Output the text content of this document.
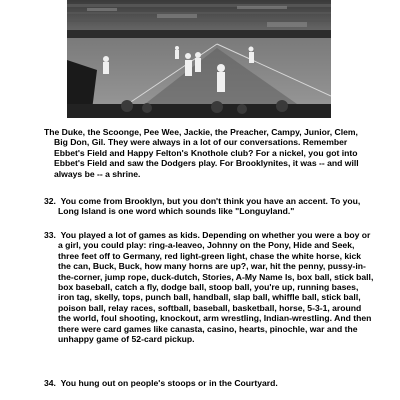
The Duke, the Scoonge, Pee Wee, Jackie, the Preacher, Campy, Junior, Clem, Big Don, Gil. They were always in a lot of our conversations. Remember Ebbet's Field and Happy Felton's Knothole club? For a nickel, you got into Ebbet's Field and saw the Dodgers play. For Brooklynites, it was -- and will always be -- a shrine.

32. You come from Brooklyn, but you don't think you have an accent. To you, Long Island is one word which sounds like "Longuyland."

33. You played a lot of games as kids. Depending on whether you were a boy or a girl, you could play: ring-a-leaveo, Johnny on the Pony, Hide and Seek, three feet off to Germany, red light-green light, chase the white horse, kick the can, Buck, Buck, how many horns are up?, war, hit the penny, pussy-in-the-corner, jump rope, duck-dutch, Stories, A-My Name Is, box ball, stick ball, box baseball, catch a fly, dodge ball, stoop ball, you're up, running bases, iron tag, skelly, tops, punch ball, handball, slap ball, whiffle ball, stick ball, poison ball, relay races, softball, baseball, basketball, horse, 5-3-1, around the world, foul shooting, knockout, arm wrestling, Indian-wrestling. And then there were card games like canasta, casino, hearts, pinochle, war and the unhappy game of 52-card pickup.

34. You hung out on people's stoops or in the Courtyard.
